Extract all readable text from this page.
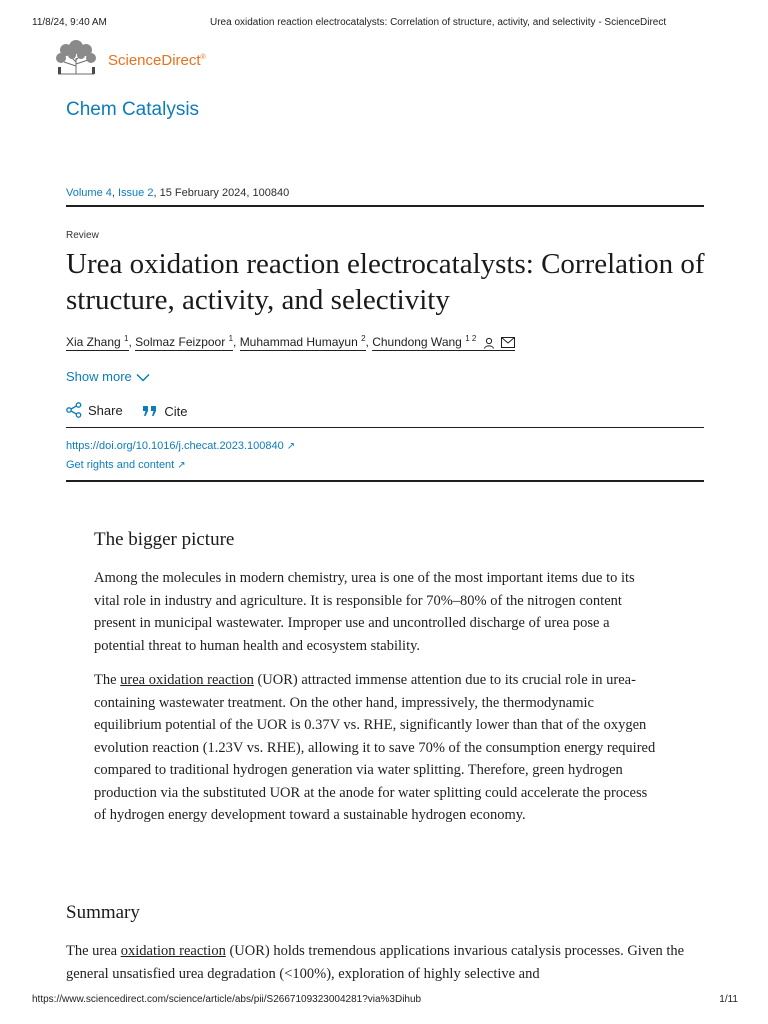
11/8/24, 9:40 AM	Urea oxidation reaction electrocatalysts: Correlation of structure, activity, and selectivity - ScienceDirect
ScienceDirect®
Chem Catalysis
Volume 4, Issue 2, 15 February 2024, 100840
Review
Urea oxidation reaction electrocatalysts: Correlation of structure, activity, and selectivity
Xia Zhang $^1$, Solmaz Feizpoor $^1$, Muhammad Humayun $^2$, Chundong Wang $^{1 2}$
Show more
Share
	Cite
https://doi.org/10.1016/j.checat.2023.100840 ↗
Get rights and content ↗
The bigger picture

Among the molecules in modern chemistry, urea is one of the most important items due to its vital role in industry and agriculture. It is responsible for 70%–80% of the nitrogen content present in municipal wastewater. Improper use and uncontrolled discharge of urea pose a potential threat to human health and ecosystem stability.

The urea oxidation reaction (UOR) attracted immense attention due to its crucial role in urea-containing wastewater treatment. On the other hand, impressively, the thermodynamic equilibrium potential of the UOR is 0.37V vs. RHE, significantly lower than that of the oxygen evolution reaction (1.23V vs. RHE), allowing it to save 70% of the consumption energy required compared to traditional hydrogen generation via water splitting. Therefore, green hydrogen production via the substituted UOR at the anode for water splitting could accelerate the process of hydrogen energy development toward a sustainable hydrogen economy.

Summary

The urea oxidation reaction (UOR) holds tremendous applications invarious catalysis processes. Given the general unsatisfied urea degradation (<100%), exploration of highly selective and

https://www.sciencedirect.com/science/article/abs/pii/S2667109323004281?via%3Dihub	1/11
